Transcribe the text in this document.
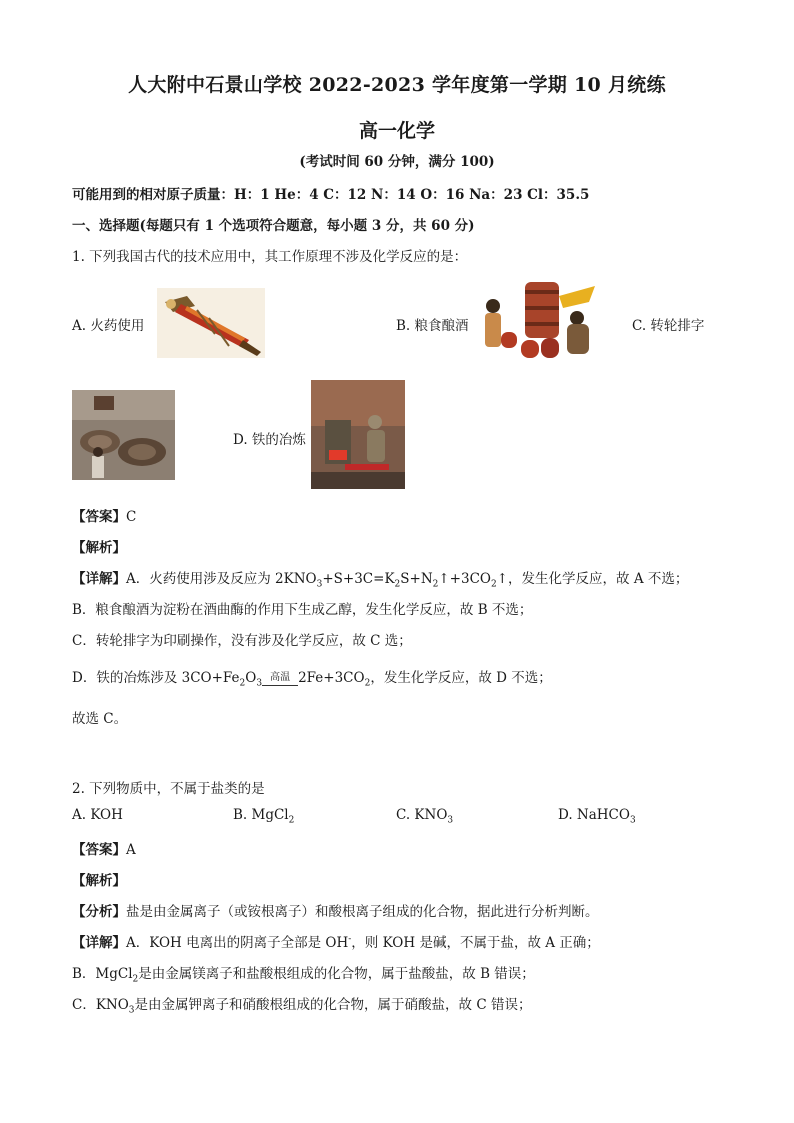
人大附中石景山学校 2022-2023 学年度第一学期 10 月统练
高一化学
(考试时间 60 分钟，满分 100)
可能用到的相对原子质量：H：1 He：4 C：12 N：14 O：16 Na：23 Cl：35.5
一、选择题(每题只有 1 个选项符合题意，每小题 3 分，共 60 分)
1. 下列我国古代的技术应用中，其工作原理不涉及化学反应的是：
A. 火药使用	B. 粮食酿酒	C. 转轮排字
D. 铁的冶炼
【答案】C
【解析】
【详解】A．火药使用涉及反应为 $2KNO_3+S+3C=K_2S+N_2↑+3CO_2↑$，发生化学反应，故 A 不选；
B．粮食酿酒为淀粉在酒曲酶的作用下生成乙醇，发生化学反应，故 B 不选；
C．转轮排字为印刷操作，没有涉及化学反应，故 C 选；
D．铁的冶炼涉及 $3CO+Fe_2O_3$
高温 $2Fe+3CO_2$，发生化学反应，故 D 不选；
故选 C。
2. 下列物质中，不属于盐类的是
A. KOH	B. MgCl$_2$	C. $KNO_3$	D. NaHCO$_3$
【答案】A
【解析】
【分析】盐是由金属离子（或铵根离子）和酸根离子组成的化合物，据此进行分析判断。
【详解】A．KOH 电离出的阴离子全部是 OH-，则 KOH 是碱，不属于盐，故 A 正确；
B．MgCl$_2$是由金属镁离子和盐酸根组成的化合物，属于盐酸盐，故 B 错误；
C．$KNO_3$是由金属钾离子和硝酸根组成的化合物，属于硝酸盐，故 C 错误；
